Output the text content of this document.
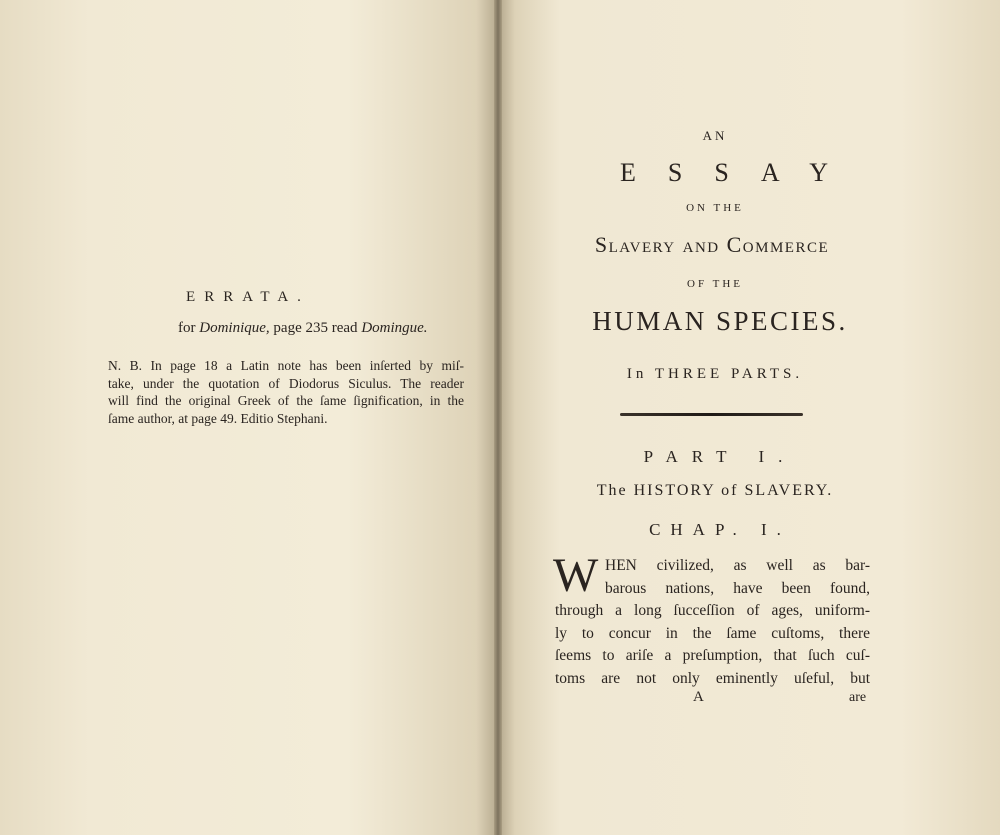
ERRATA.
for Dominique, page 235 read Domingue.
N. B. In page 18 a Latin note has been inſerted by miſ-
take, under the quotation of Diodorus Siculus. The reader
will find the original Greek of the ſame ſignification, in the
ſame author, at page 49. Editio Stephani.
AN
ESSAY
ON THE
Slavery and Commerce
OF THE
HUMAN SPECIES.
In THREE PARTS.
PART I.
The HISTORY of SLAVERY.
CHAP. I.
W HEN civilized, as well as bar-
barous nations, have been found,
through a long ſucceſſion of ages, uniform-
ly to concur in the ſame cuſtoms, there
ſeems to ariſe a preſumption, that ſuch cuſ-
toms are not only eminently uſeful, but
A	are
